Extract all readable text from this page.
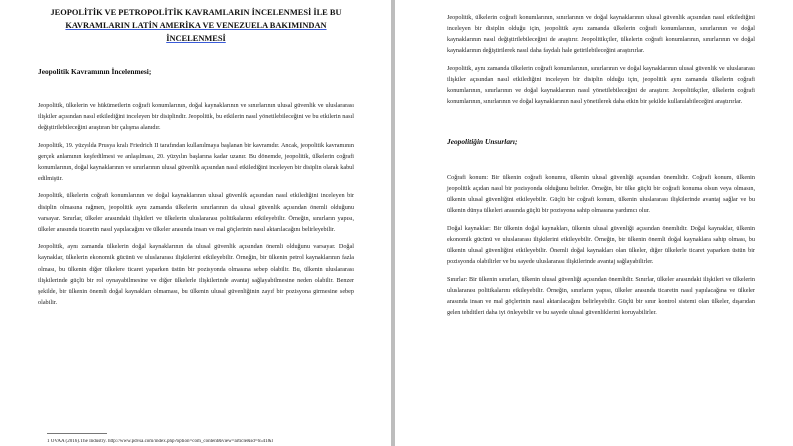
JEOPOLİTİK VE PETROPOLİTİK KAVRAMLARIN İNCELENMESİ İLE BU
KAVRAMLARIN LATİN AMERİKA VE VENEZUELA BAKIMINDAN
İNCELENMESİ
Jeopolitik Kavramının İncelenmesi;

Jeopolitik, ülkelerin ve hükümetlerin coğrafi konumlarının, doğal kaynaklarının ve sınırlarının ulusal güvenlik ve uluslararası ilişkiler açısından nasıl etkilediğini inceleyen bir disiplindir. Jeopolitik, bu etkilerin nasıl yönetilebileceğini ve bu etkilerin nasıl değiştirilebileceğini araştıran bir çalışma alanıdır.

Jeopolitik, 19. yüzyılda Prusya kralı Friedrich II tarafından kullanılmaya başlanan bir kavramdır. Ancak, jeopolitik kavramının gerçek anlamının keşfedilmesi ve anlaşılması, 20. yüzyılın başlarına kadar uzanır. Bu dönemde, jeopolitik, ülkelerin coğrafi konumlarının, doğal kaynaklarının ve sınırlarının ulusal güvenlik açısından nasıl etkilediğini inceleyen bir disiplin olarak kabul edilmiştir.

Jeopolitik, ülkelerin coğrafi konumlarının ve doğal kaynaklarının ulusal güvenlik açısından nasıl etkilediğini inceleyen bir disiplin olmasına rağmen, jeopolitik aynı zamanda ülkelerin sınırlarının da ulusal güvenlik açısından önemli olduğunu varsayar. Sınırlar, ülkeler arasındaki ilişkileri ve ülkelerin uluslararası politikalarını etkileyebilir. Örneğin, sınırların yapısı, ülkeler arasında ticaretin nasıl yapılacağını ve ülkeler arasında insan ve mal göçlerinin nasıl aktarılacağını belirleyebilir.

Jeopolitik, aynı zamanda ülkelerin doğal kaynaklarının da ulusal güvenlik açısından önemli olduğunu varsayar. Doğal kaynaklar, ülkelerin ekonomik gücünü ve uluslararası ilişkilerini etkileyebilir. Örneğin, bir ülkenin petrol kaynaklarının fazla olması, bu ülkenin diğer ülkelere ticaret yaparken üstün bir pozisyonda olmasına sebep olabilir. Bu, ülkenin uluslararası ilişkilerinde güçlü bir rol oynayabilmesine ve diğer ülkelerle ilişkilerinde avantaj sağlayabilmesine neden olabilir. Benzer şekilde, bir ülkenin önemli doğal kaynakları olmaması, bu ülkenin ulusal güvenliğinin zayıf bir pozisyona girmesine sebep olabilir.

1 ÖVAA (2016).The Industry. http://www.pdvsa.com/index.php?option=com_content&view=article&id=6541&l

Jeopolitik, ülkelerin coğrafi konumlarının, sınırlarının ve doğal kaynaklarının ulusal güvenlik açısından nasıl etkilediğini inceleyen bir disiplin olduğu için, jeopolitik aynı zamanda ülkelerin coğrafi konumlarının, sınırlarının ve doğal kaynaklarının nasıl değiştirilebileceğini de araştırır. Jeopolitikçiler, ülkelerin coğrafi konumlarının, sınırlarının ve doğal kaynaklarının değiştirilerek nasıl daha faydalı hale getirilebileceğini araştırırlar.

Jeopolitik, aynı zamanda ülkelerin coğrafi konumlarının, sınırlarının ve doğal kaynaklarının ulusal güvenlik ve uluslararası ilişkiler açısından nasıl etkilediğini inceleyen bir disiplin olduğu için, jeopolitik aynı zamanda ülkelerin coğrafi konumlarının, sınırlarının ve doğal kaynaklarının nasıl yönetilebileceğini de araştırır. Jeopolitikçiler, ülkelerin coğrafi konumlarının, sınırlarının ve doğal kaynaklarının nasıl yönetilerek daha etkin bir şekilde kullanılabileceğini araştırırlar.

Jeopolitiğin Unsurları;

Coğrafi konum: Bir ülkenin coğrafi konumu, ülkenin ulusal güvenliği açısından önemlidir. Coğrafi konum, ülkenin jeopolitik açıdan nasıl bir pozisyonda olduğunu belirler. Örneğin, bir ülke güçlü bir coğrafi konuma olsun veya olmasın, ülkenin ulusal güvenliğini etkileyebilir. Güçlü bir coğrafi konum, ülkenin uluslararası ilişkilerinde avantaj sağlar ve bu ülkenin dünya ülkeleri arasında güçlü bir pozisyona sahip olmasına yardımcı olur.

Doğal kaynaklar: Bir ülkenin doğal kaynakları, ülkenin ulusal güvenliği açısından önemlidir. Doğal kaynaklar, ülkenin ekonomik gücünü ve uluslararası ilişkilerini etkileyebilir. Örneğin, bir ülkenin önemli doğal kaynaklara sahip olması, bu ülkenin ulusal güvenliğini etkileyebilir. Önemli doğal kaynakları olan ülkeler, diğer ülkelerle ticaret yaparken üstün bir pozisyonda olabilirler ve bu sayede uluslararası ilişkilerinde avantaj sağlayabilirler.

Sınırlar: Bir ülkenin sınırları, ülkenin ulusal güvenliği açısından önemlidir. Sınırlar, ülkeler arasındaki ilişkileri ve ülkelerin uluslararası politikalarını etkileyebilir. Örneğin, sınırların yapısı, ülkeler arasında ticaretin nasıl yapılacağına ve ülkeler arasında insan ve mal göçlerinin nasıl aktarılacağını belirleyebilir. Güçlü bir sınır kontrol sistemi olan ülkeler, dışarıdan gelen tehditleri daha iyi önleyebilir ve bu sayede ulusal güvenliklerini koruyabilirler.
